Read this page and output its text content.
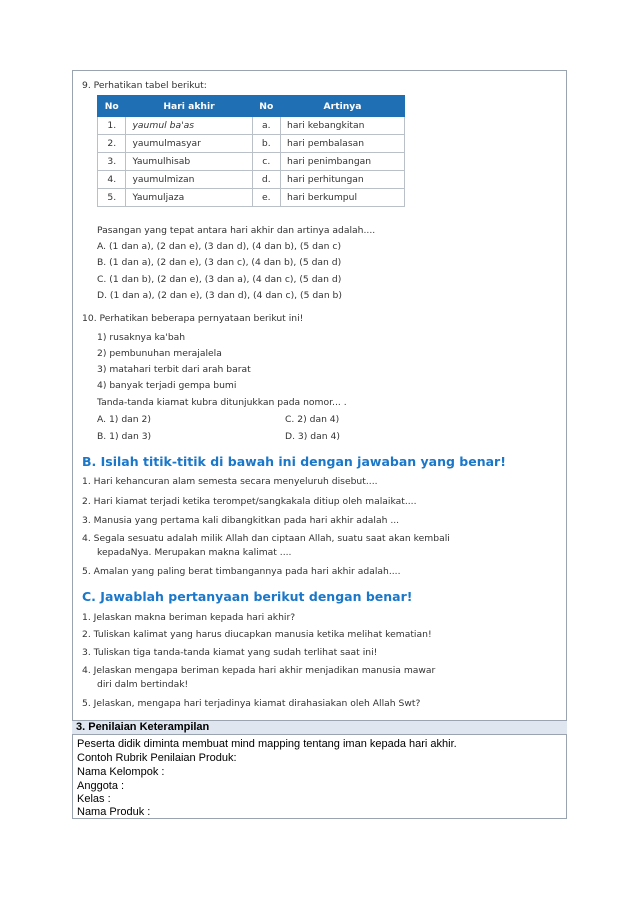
9. Perhatikan tabel berikut:
No	Hari akhir	No	Artinya
1.	yaumul ba'as	a.	hari kebangkitan
2.	yaumulmasyar	b.	hari pembalasan
3.	Yaumulhisab	c.	hari penimbangan
4.	yaumulmizan	d.	hari perhitungan
5.	Yaumuljaza	e.	hari berkumpul
Pasangan yang tepat antara hari akhir dan artinya adalah....
A. (1 dan a), (2 dan e), (3 dan d), (4 dan b), (5 dan c)
B. (1 dan a), (2 dan e), (3 dan c), (4 dan b), (5 dan d)
C. (1 dan b), (2 dan e), (3 dan a), (4 dan c), (5 dan d)
D. (1 dan a), (2 dan e), (3 dan d), (4 dan c), (5 dan b)
10. Perhatikan beberapa pernyataan berikut ini!
1) rusaknya ka'bah
2) pembunuhan merajalela
3) matahari terbit dari arah barat
4) banyak terjadi gempa bumi
Tanda-tanda kiamat kubra ditunjukkan pada nomor... .
A. 1) dan 2)	C. 2) dan 4)
B. 1) dan 3)	D. 3) dan 4)
B. Isilah titik-titik di bawah ini dengan jawaban yang benar!
1. Hari kehancuran alam semesta secara menyeluruh disebut....
2. Hari kiamat terjadi ketika terompet/sangkakala ditiup oleh malaikat....
3. Manusia yang pertama kali dibangkitkan pada hari akhir adalah ...
4. Segala sesuatu adalah milik Allah dan ciptaan Allah, suatu saat akan kembali
kepadaNya. Merupakan makna kalimat ....
5. Amalan yang paling berat timbangannya pada hari akhir adalah....
C. Jawablah pertanyaan berikut dengan benar!
1. Jelaskan makna beriman kepada hari akhir?
2. Tuliskan kalimat yang harus diucapkan manusia ketika melihat kematian!
3. Tuliskan tiga tanda-tanda kiamat yang sudah terlihat saat ini!
4. Jelaskan mengapa beriman kepada hari akhir menjadikan manusia mawar
diri dalm bertindak!
5. Jelaskan, mengapa hari terjadinya kiamat dirahasiakan oleh Allah Swt?
3. Penilaian Keterampilan
Peserta didik diminta membuat mind mapping tentang iman kepada hari akhir.
Contoh Rubrik Penilaian Produk:
Nama Kelompok :
Anggota :
Kelas :
Nama Produk :
